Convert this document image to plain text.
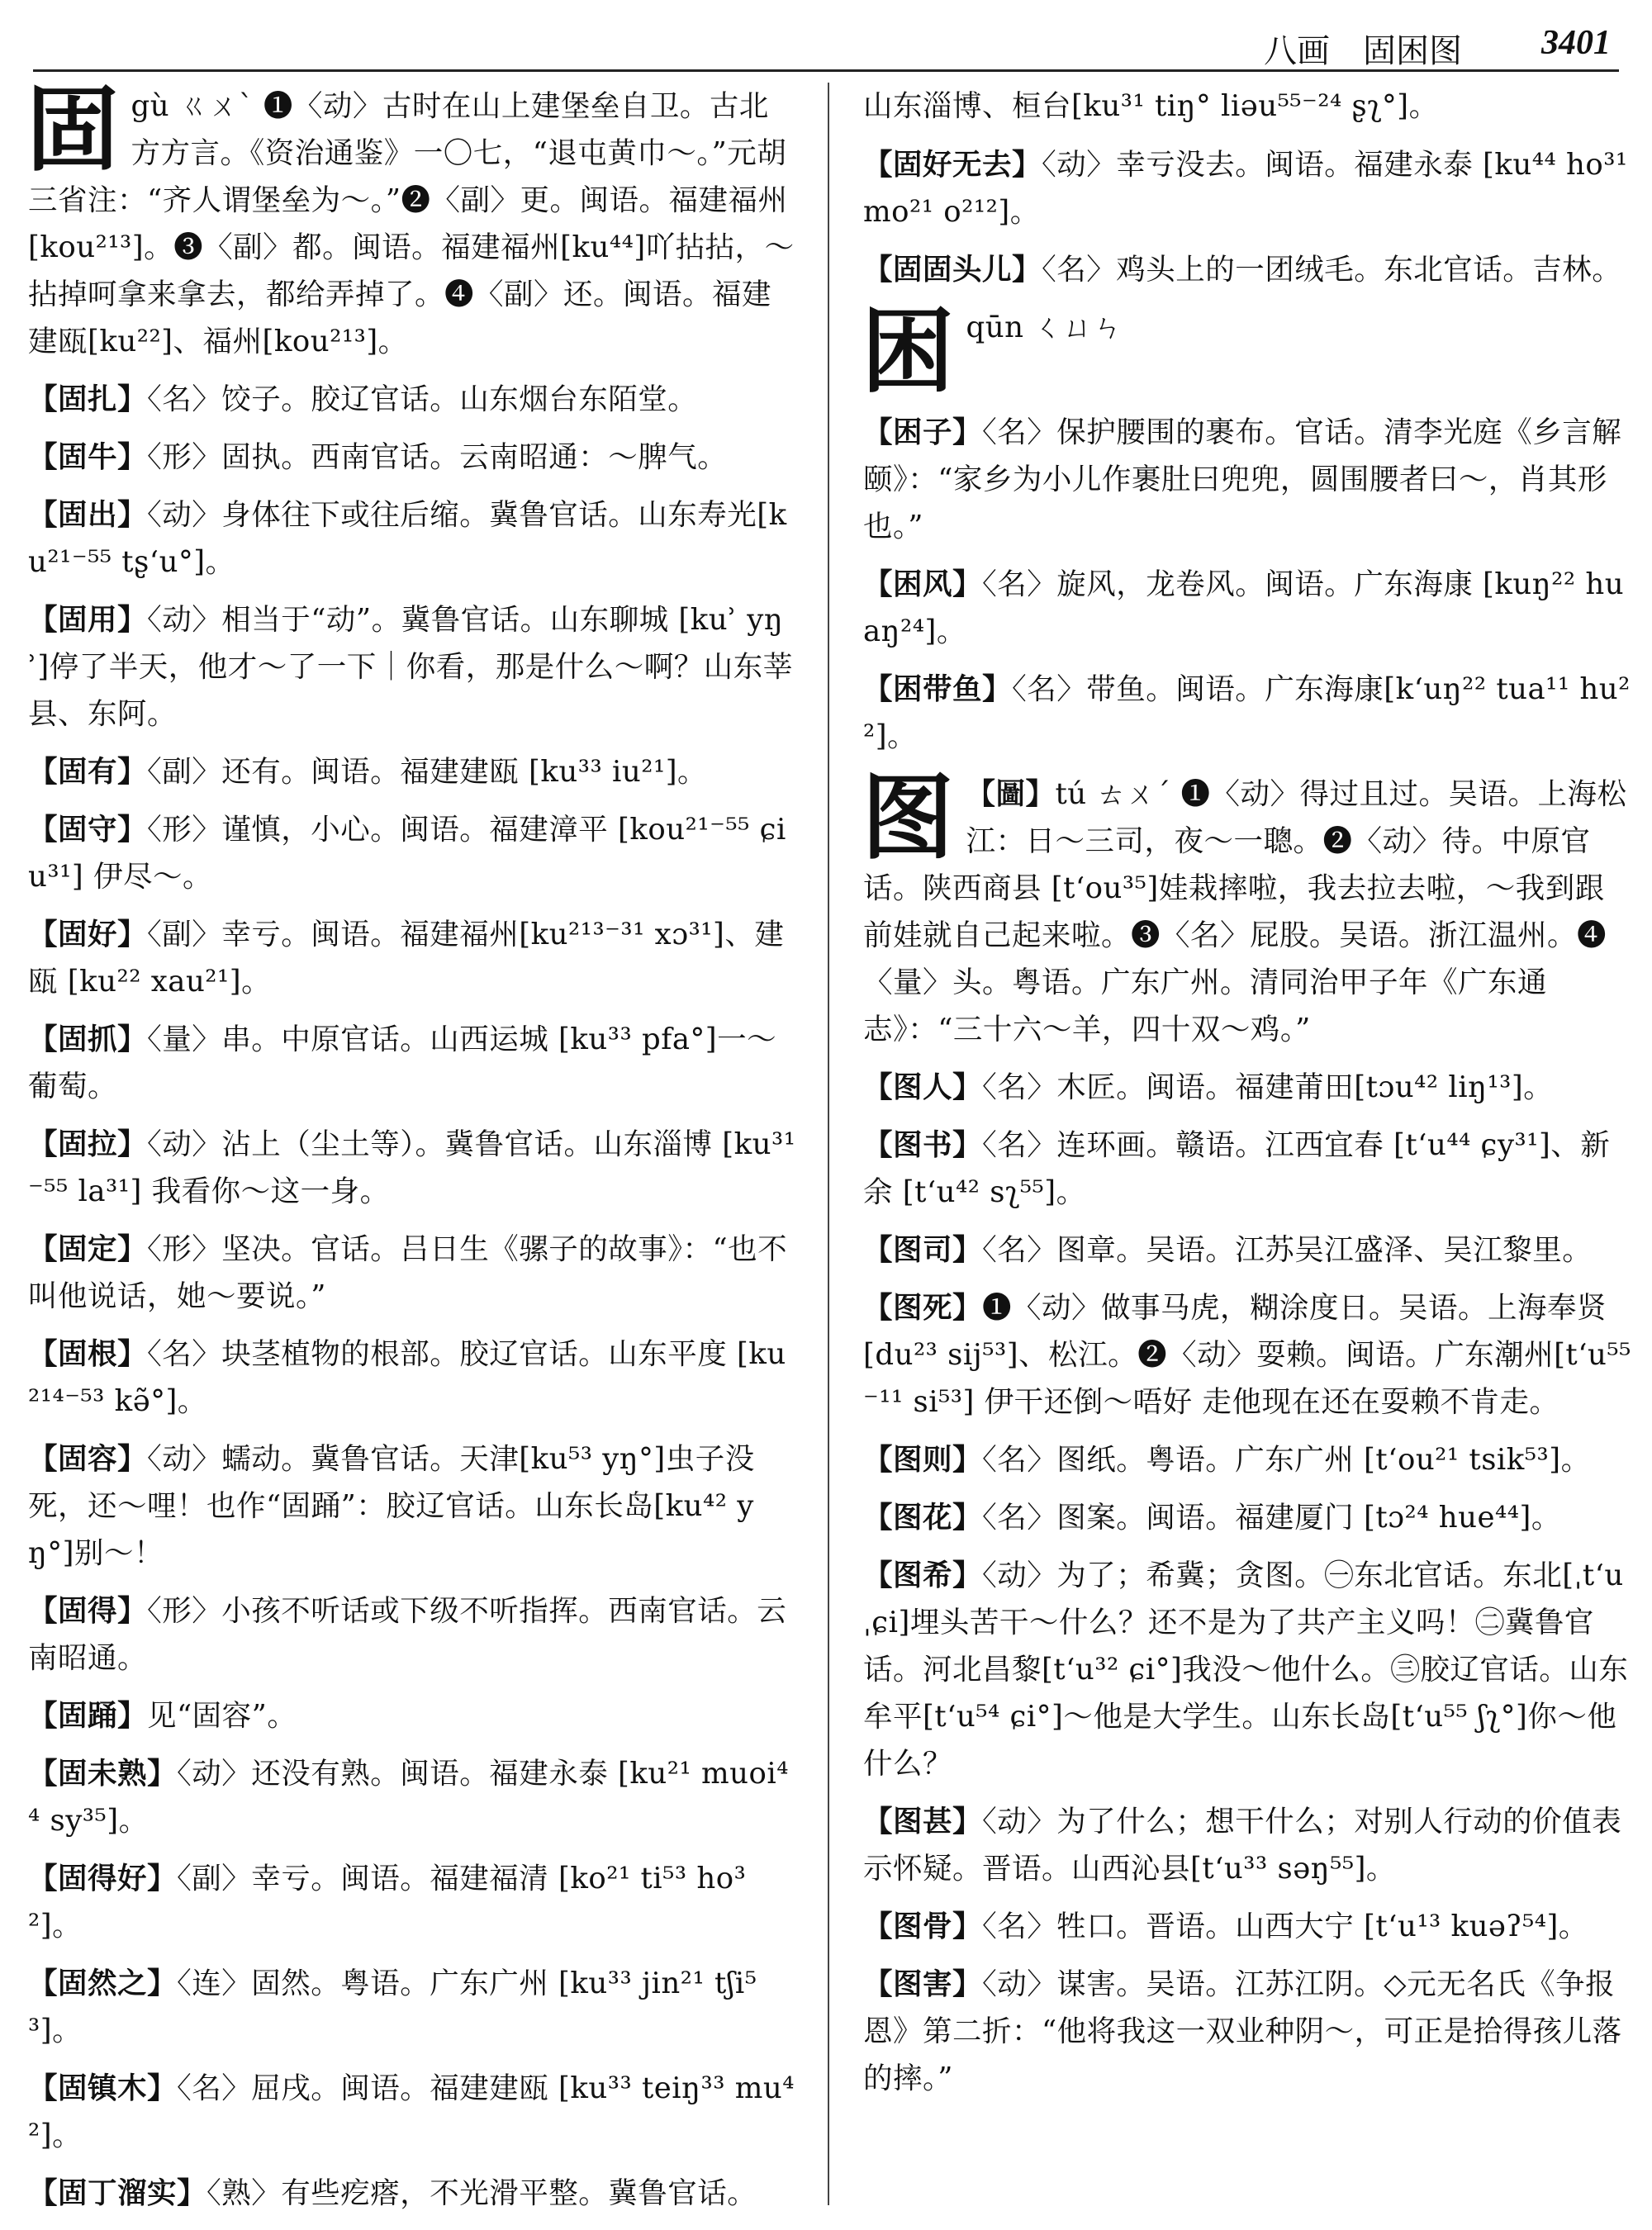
八画　固困图 3401
固gù ㄍㄨˋ ❶〈动〉古时在山上建堡垒自卫。古北方方言。《资治通鉴》一〇七，“退屯黄巾～。”元胡三省注：“齐人谓堡垒为～。”❷〈副〉更。闽语。福建福州[kou²¹³]。❸〈副〉都。闽语。福建福州[ku⁴⁴]吖拈拈，～拈掉呵拿来拿去，都给弄掉了。❹〈副〉还。闽语。福建建瓯[ku²²]、福州[kou²¹³]。
【固扎】〈名〉饺子。胶辽官话。山东烟台东陌堂。
【固牛】〈形〉固执。西南官话。云南昭通：～脾气。
【固出】〈动〉身体往下或往后缩。冀鲁官话。山东寿光[ku²¹⁻⁵⁵ tʂʻu°]。
【固用】〈动〉相当于“动”。冀鲁官话。山东聊城 [kuʾ yŋʾ]停了半天，他才～了一下｜你看，那是什么～啊？山东莘县、东阿。
【固有】〈副〉还有。闽语。福建建瓯 [ku³³ iu²¹]。
【固守】〈形〉谨慎，小心。闽语。福建漳平 [kou²¹⁻⁵⁵ ɕiu³¹] 伊尽～。
【固好】〈副〉幸亏。闽语。福建福州[ku²¹³⁻³¹ xɔ³¹]、建瓯 [ku²² xau²¹]。
【固抓】〈量〉串。中原官话。山西运城 [ku³³ pfa°]一～葡萄。
【固拉】〈动〉沾上（尘土等）。冀鲁官话。山东淄博 [ku³¹⁻⁵⁵ la³¹] 我看你～这一身。
【固定】〈形〉坚决。官话。吕日生《骡子的故事》：“也不叫他说话，她～要说。”
【固根】〈名〉块茎植物的根部。胶辽官话。山东平度 [ku²¹⁴⁻⁵³ kə̃°]。
【固容】〈动〉蠕动。冀鲁官话。天津[ku⁵³ yŋ°]虫子没死，还～哩！也作“固踊”：胶辽官话。山东长岛[ku⁴² yŋ°]别～！
【固得】〈形〉小孩不听话或下级不听指挥。西南官话。云南昭通。
【固踊】见“固容”。
【固未熟】〈动〉还没有熟。闽语。福建永泰 [ku²¹ muoi⁴⁴ sy³⁵]。
【固得好】〈副〉幸亏。闽语。福建福清 [ko²¹ ti⁵³ ho³²]。
【固然之】〈连〉固然。粤语。广东广州 [ku³³ jin²¹ tʃi⁵³]。
【固镇木】〈名〉屈戌。闽语。福建建瓯 [ku³³ teiŋ³³ mu⁴²]。
【固丁溜实】〈熟〉有些疙瘩，不光滑平整。冀鲁官话。
山东淄博、桓台[ku³¹ tiŋ° liəu⁵⁵⁻²⁴ ʂʅ°]。
【固好无去】〈动〉幸亏没去。闽语。福建永泰 [ku⁴⁴ ho³¹ mo²¹ o²¹²]。
【固固头儿】〈名〉鸡头上的一团绒毛。东北官话。吉林。
困qūn ㄑㄩㄣ
【困子】〈名〉保护腰围的裹布。官话。清李光庭《乡言解颐》：“家乡为小儿作裹肚曰兜兜，圆围腰者曰～，肖其形也。”
【困风】〈名〉旋风，龙卷风。闽语。广东海康 [kuŋ²² huaŋ²⁴]。
【困带鱼】〈名〉带鱼。闽语。广东海康[kʻuŋ²² tua¹¹ hu²²]。
图 【圖】tú ㄊㄨˊ ❶〈动〉得过且过。吴语。上海松江：日～三司，夜～一聰。❷〈动〉待。中原官话。陕西商县 [tʻou³⁵]娃栽摔啦，我去拉去啦，～我到跟前娃就自己起来啦。❸〈名〉屁股。吴语。浙江温州。❹〈量〉头。粤语。广东广州。清同治甲子年《广东通志》：“三十六～羊，四十双～鸡。”
【图人】〈名〉木匠。闽语。福建莆田[tɔu⁴² liŋ¹³]。
【图书】〈名〉连环画。赣语。江西宜春 [tʻu⁴⁴ ɕy³¹]、新余 [tʻu⁴² sʅ⁵⁵]。
【图司】〈名〉图章。吴语。江苏吴江盛泽、吴江黎里。
【图死】❶〈动〉做事马虎，糊涂度日。吴语。上海奉贤[du²³ sij⁵³]、松江。❷〈动〉耍赖。闽语。广东潮州[tʻu⁵⁵⁻¹¹ si⁵³] 伊干还倒～唔好 走他现在还在耍赖不肯走。
【图则】〈名〉图纸。粤语。广东广州 [tʻou²¹ tsik⁵³]。
【图花】〈名〉图案。闽语。福建厦门 [tɔ²⁴ hue⁴⁴]。
【图希】〈动〉为了；希冀；贪图。㊀东北官话。东北[ˌtʻu ˌɕi]埋头苦干～什么？还不是为了共产主义吗！㊁冀鲁官话。河北昌黎[tʻu³² ɕi°]我没～他什么。㊂胶辽官话。山东牟平[tʻu⁵⁴ ɕi°]～他是大学生。山东长岛[tʻu⁵⁵ ʃʅ°]你～他什么？
【图甚】〈动〉为了什么；想干什么；对别人行动的价值表示怀疑。晋语。山西沁县[tʻu³³ səŋ⁵⁵]。
【图骨】〈名〉牲口。晋语。山西大宁 [tʻu¹³ kuəʔ⁵⁴]。
【图害】〈动〉谋害。吴语。江苏江阴。◇元无名氏《争报恩》第二折：“他将我这一双业种阴～，可正是拾得孩儿落的摔。”
